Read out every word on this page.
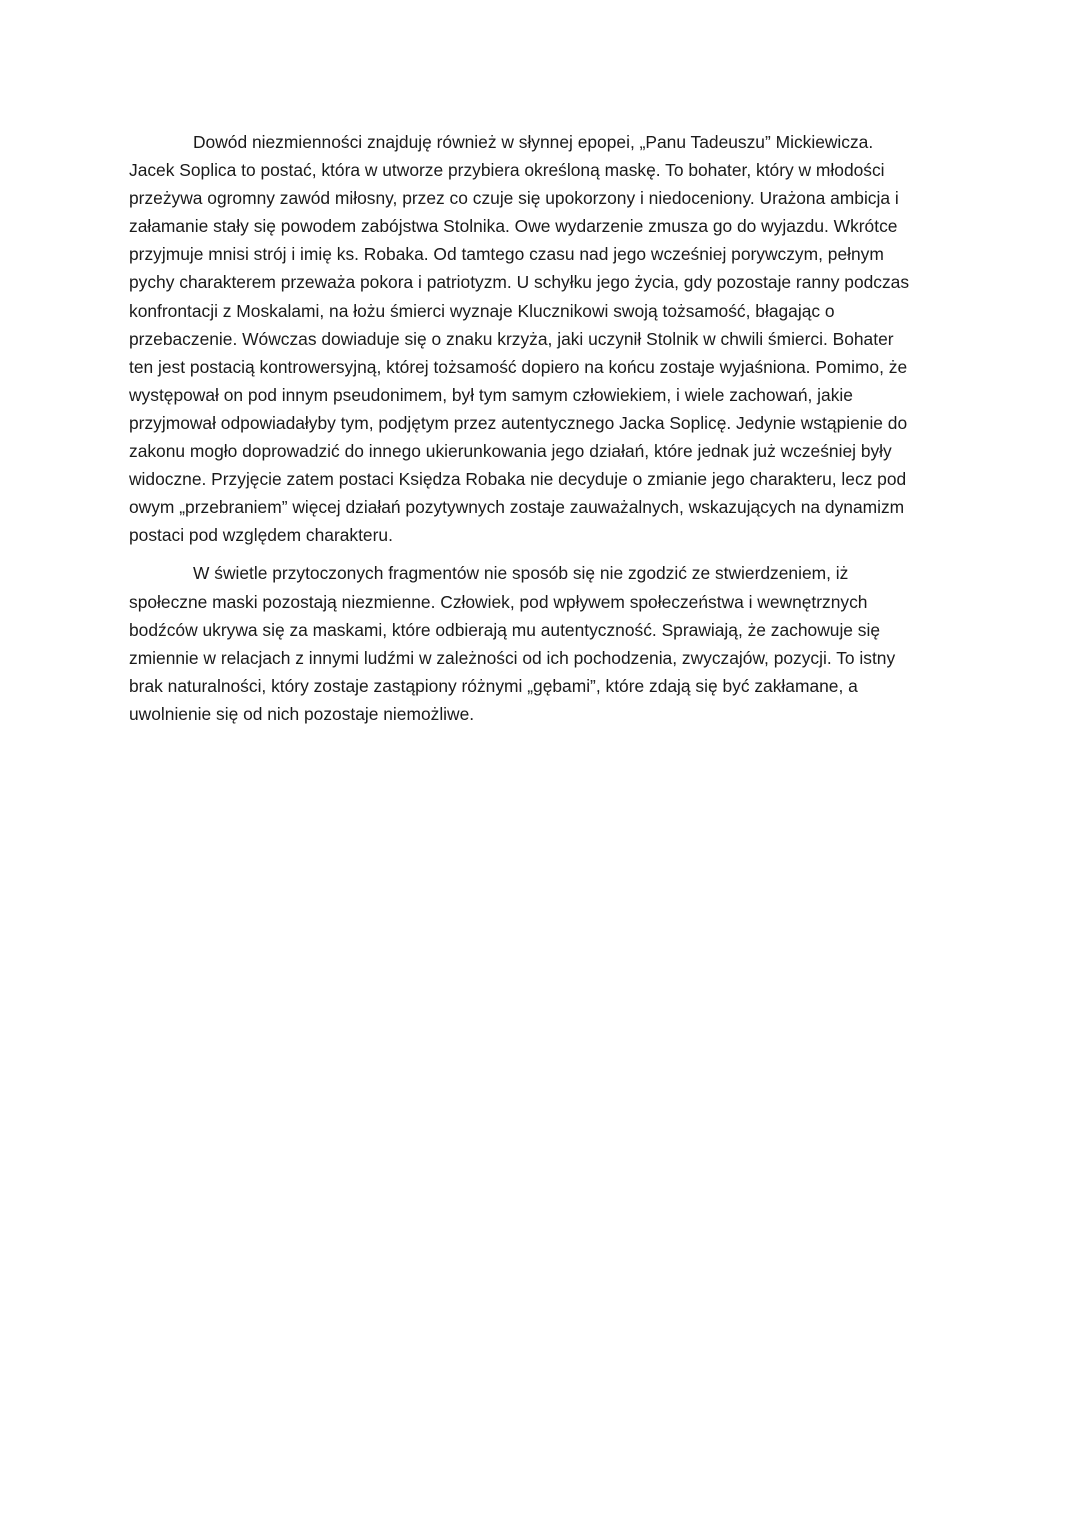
Dowód niezmienności znajduję również w słynnej epopei, „Panu Tadeuszu” Mickiewicza.
Jacek Soplica to postać, która w utworze przybiera określoną maskę. To bohater, który w młodości
przeżywa ogromny zawód miłosny, przez co czuje się upokorzony i niedoceniony. Urażona ambicja i
załamanie stały się powodem zabójstwa Stolnika. Owe wydarzenie zmusza go do wyjazdu. Wkrótce
przyjmuje mnisi strój i imię ks. Robaka. Od tamtego czasu nad jego wcześniej porywczym, pełnym
pychy charakterem przeważa pokora i patriotyzm. U schyłku jego życia, gdy pozostaje ranny podczas
konfrontacji z Moskalami, na łożu śmierci wyznaje Klucznikowi swoją tożsamość, błagając o
przebaczenie. Wówczas dowiaduje się o znaku krzyża, jaki uczynił Stolnik w chwili śmierci. Bohater
ten jest postacią kontrowersyjną, której tożsamość dopiero na końcu zostaje wyjaśniona. Pomimo, że
występował on pod innym pseudonimem, był tym samym człowiekiem, i wiele zachowań, jakie
przyjmował odpowiadałyby tym, podjętym przez autentycznego Jacka Soplicę. Jedynie wstąpienie do
zakonu mogło doprowadzić do innego ukierunkowania jego działań, które jednak już wcześniej były
widoczne. Przyjęcie zatem postaci Księdza Robaka nie decyduje o zmianie jego charakteru, lecz pod
owym „przebraniem” więcej działań pozytywnych zostaje zauważalnych, wskazujących na dynamizm
postaci pod względem charakteru.

W świetle przytoczonych fragmentów nie sposób się nie zgodzić ze stwierdzeniem, iż
społeczne maski pozostają niezmienne. Człowiek, pod wpływem społeczeństwa i wewnętrznych
bodźców ukrywa się za maskami, które odbierają mu autentyczność. Sprawiają, że zachowuje się
zmiennie w relacjach z innymi ludźmi w zależności od ich pochodzenia, zwyczajów, pozycji. To istny
brak naturalności, który zostaje zastąpiony różnymi „gębami”, które zdają się być zakłamane, a
uwolnienie się od nich pozostaje niemożliwe.
